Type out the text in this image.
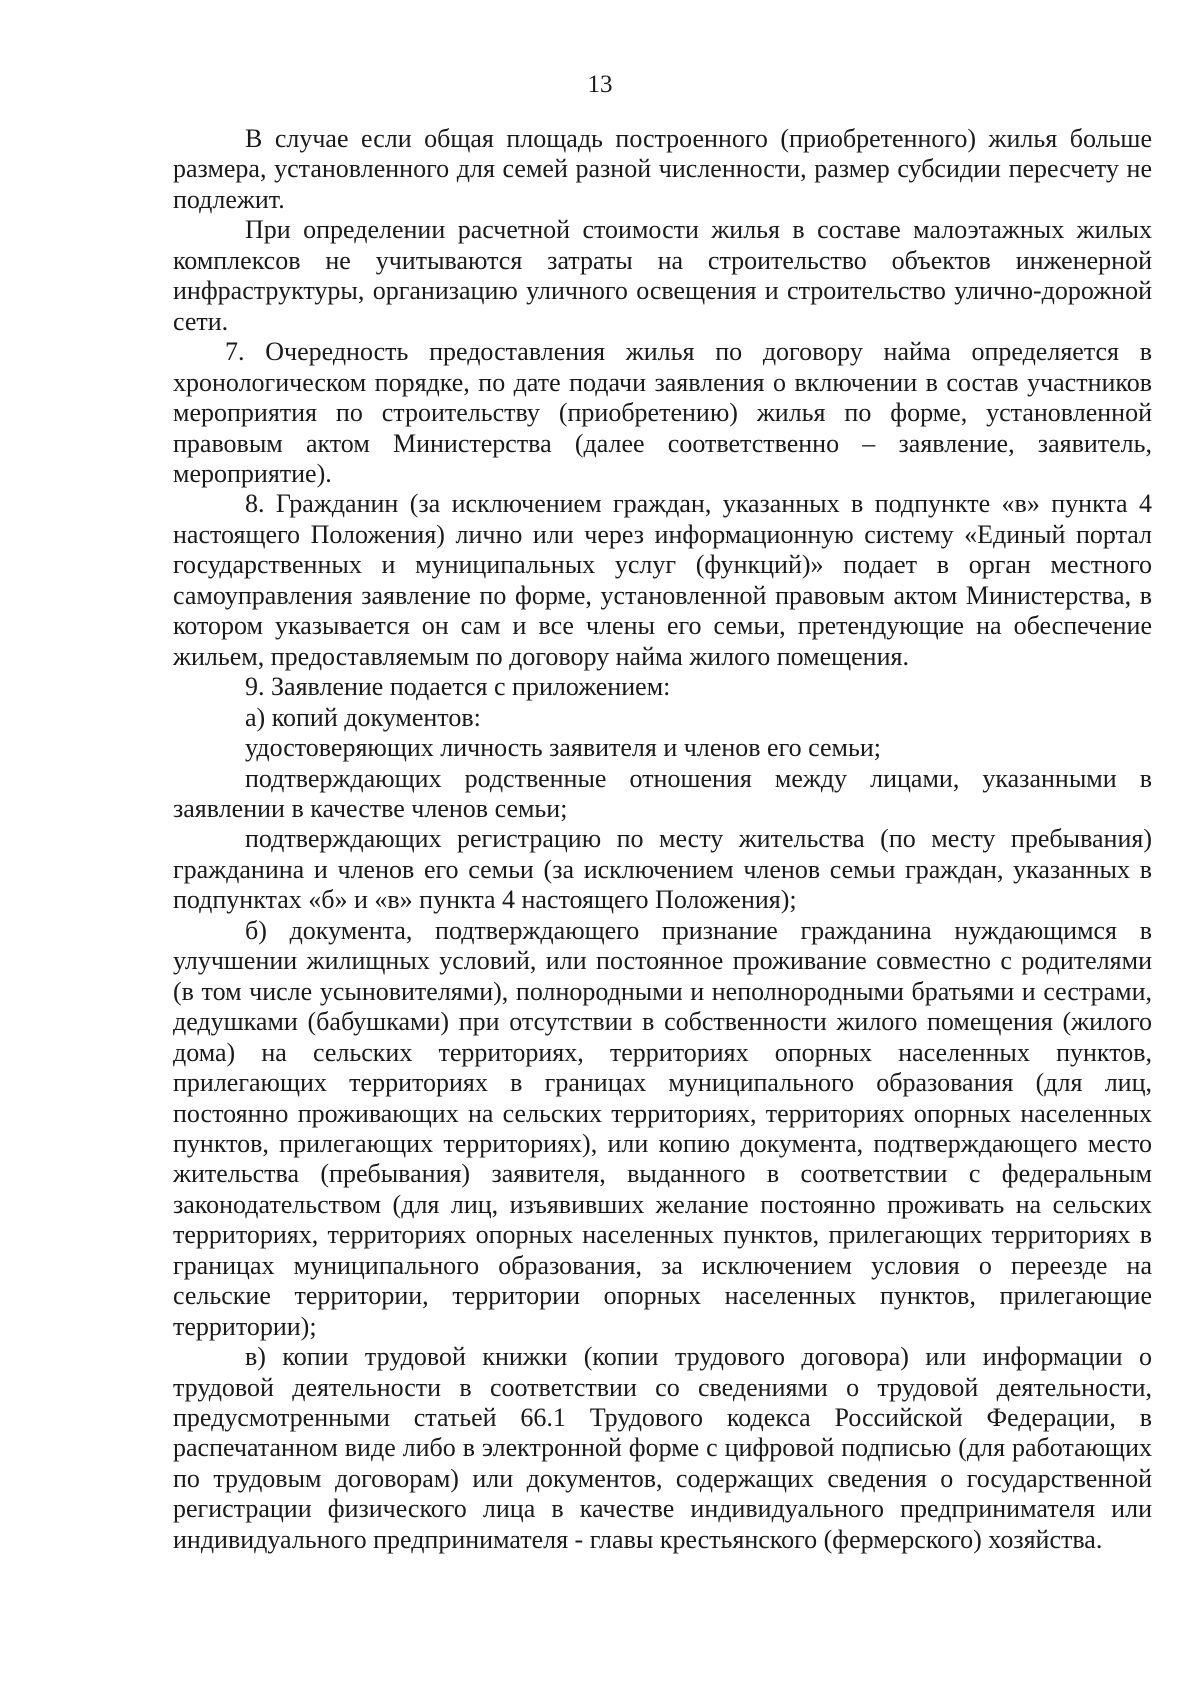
13

В случае если общая площадь построенного (приобретенного) жилья больше размера, установленного для семей разной численности, размер субсидии пересчету не подлежит.

При определении расчетной стоимости жилья в составе малоэтажных жилых комплексов не учитываются затраты на строительство объектов инженерной инфраструктуры, организацию уличного освещения и строительство улично-дорожной сети.

7. Очередность предоставления жилья по договору найма определяется в хронологическом порядке, по дате подачи заявления о включении в состав участников мероприятия по строительству (приобретению) жилья по форме, установленной правовым актом Министерства (далее соответственно – заявление, заявитель, мероприятие).

8. Гражданин (за исключением граждан, указанных в подпункте «в» пункта 4 настоящего Положения) лично или через информационную систему «Единый портал государственных и муниципальных услуг (функций)» подает в орган местного самоуправления заявление по форме, установленной правовым актом Министерства, в котором указывается он сам и все члены его семьи, претендующие на обеспечение жильем, предоставляемым по договору найма жилого помещения.

9. Заявление подается с приложением:

а) копий документов:

удостоверяющих личность заявителя и членов его семьи;

подтверждающих родственные отношения между лицами, указанными в заявлении в качестве членов семьи;

подтверждающих регистрацию по месту жительства (по месту пребывания) гражданина и членов его семьи (за исключением членов семьи граждан, указанных в подпунктах «б» и «в» пункта 4 настоящего Положения);

б) документа, подтверждающего признание гражданина нуждающимся в улучшении жилищных условий, или постоянное проживание совместно с родителями (в том числе усыновителями), полнородными и неполнородными братьями и сестрами, дедушками (бабушками) при отсутствии в собственности жилого помещения (жилого дома) на сельских территориях, территориях опорных населенных пунктов, прилегающих территориях в границах муниципального образования (для лиц, постоянно проживающих на сельских территориях, территориях опорных населенных пунктов, прилегающих территориях), или копию документа, подтверждающего место жительства (пребывания) заявителя, выданного в соответствии с федеральным законодательством (для лиц, изъявивших желание постоянно проживать на сельских территориях, территориях опорных населенных пунктов, прилегающих территориях в границах муниципального образования, за исключением условия о переезде на сельские территории, территории опорных населенных пунктов, прилегающие территории);

в) копии трудовой книжки (копии трудового договора) или информации о трудовой деятельности в соответствии со сведениями о трудовой деятельности, предусмотренными статьей 66.1 Трудового кодекса Российской Федерации, в распечатанном виде либо в электронной форме с цифровой подписью (для работающих по трудовым договорам) или документов, содержащих сведения о государственной регистрации физического лица в качестве индивидуального предпринимателя или индивидуального предпринимателя - главы крестьянского (фермерского) хозяйства.
